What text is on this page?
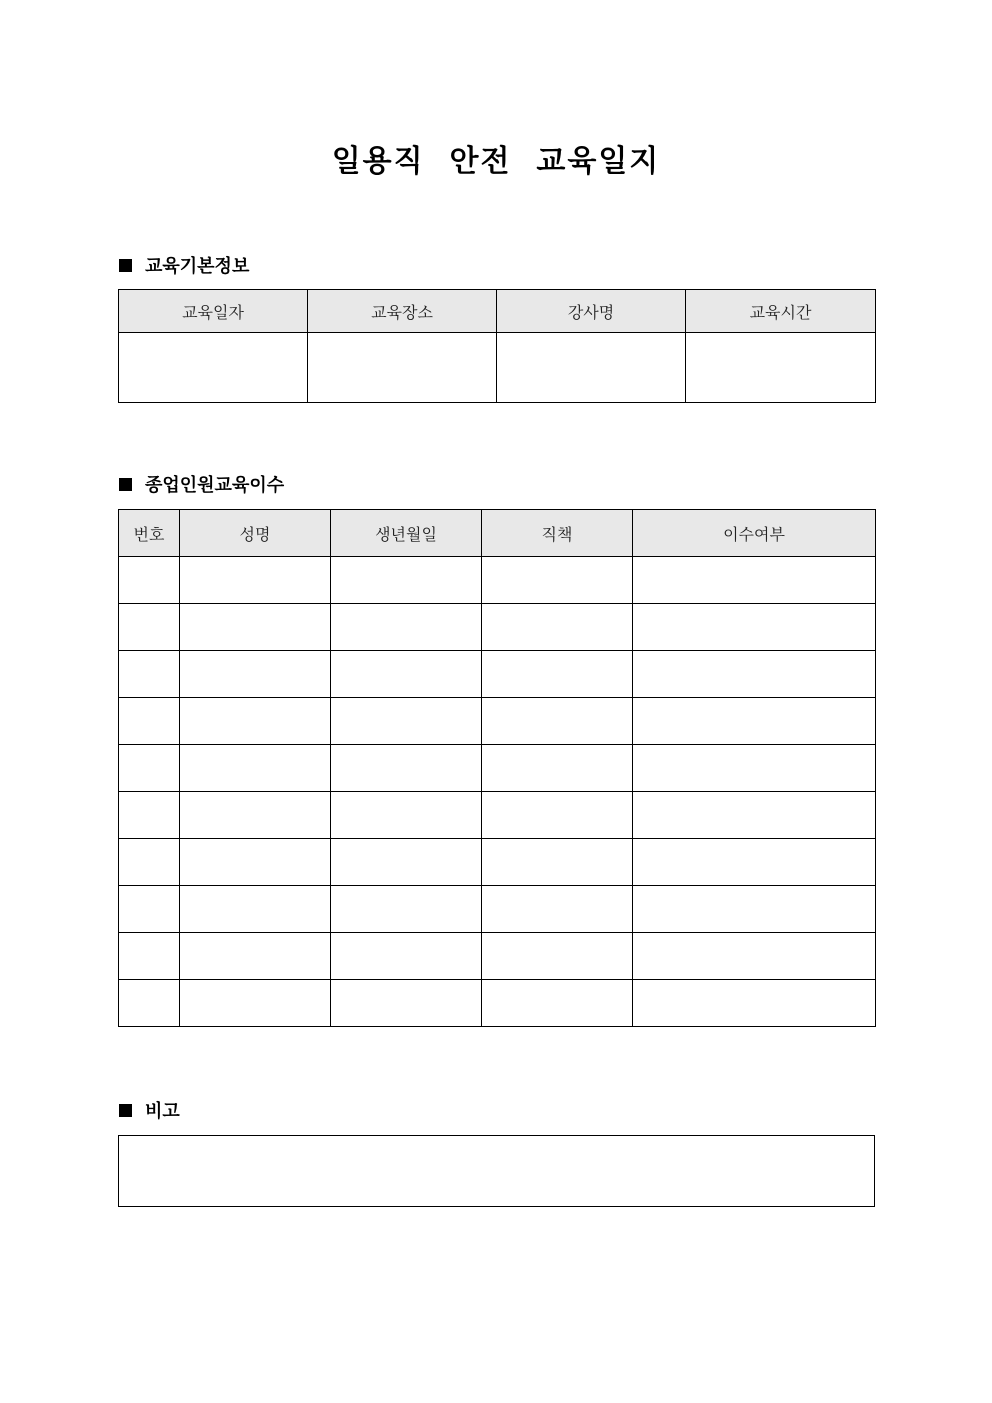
일용직  안전  교육일지
교육기본정보
교육일자	교육장소	강사명	교육시간

종업인원교육이수
번호	성명	생년월일	직책	이수여부

비고
